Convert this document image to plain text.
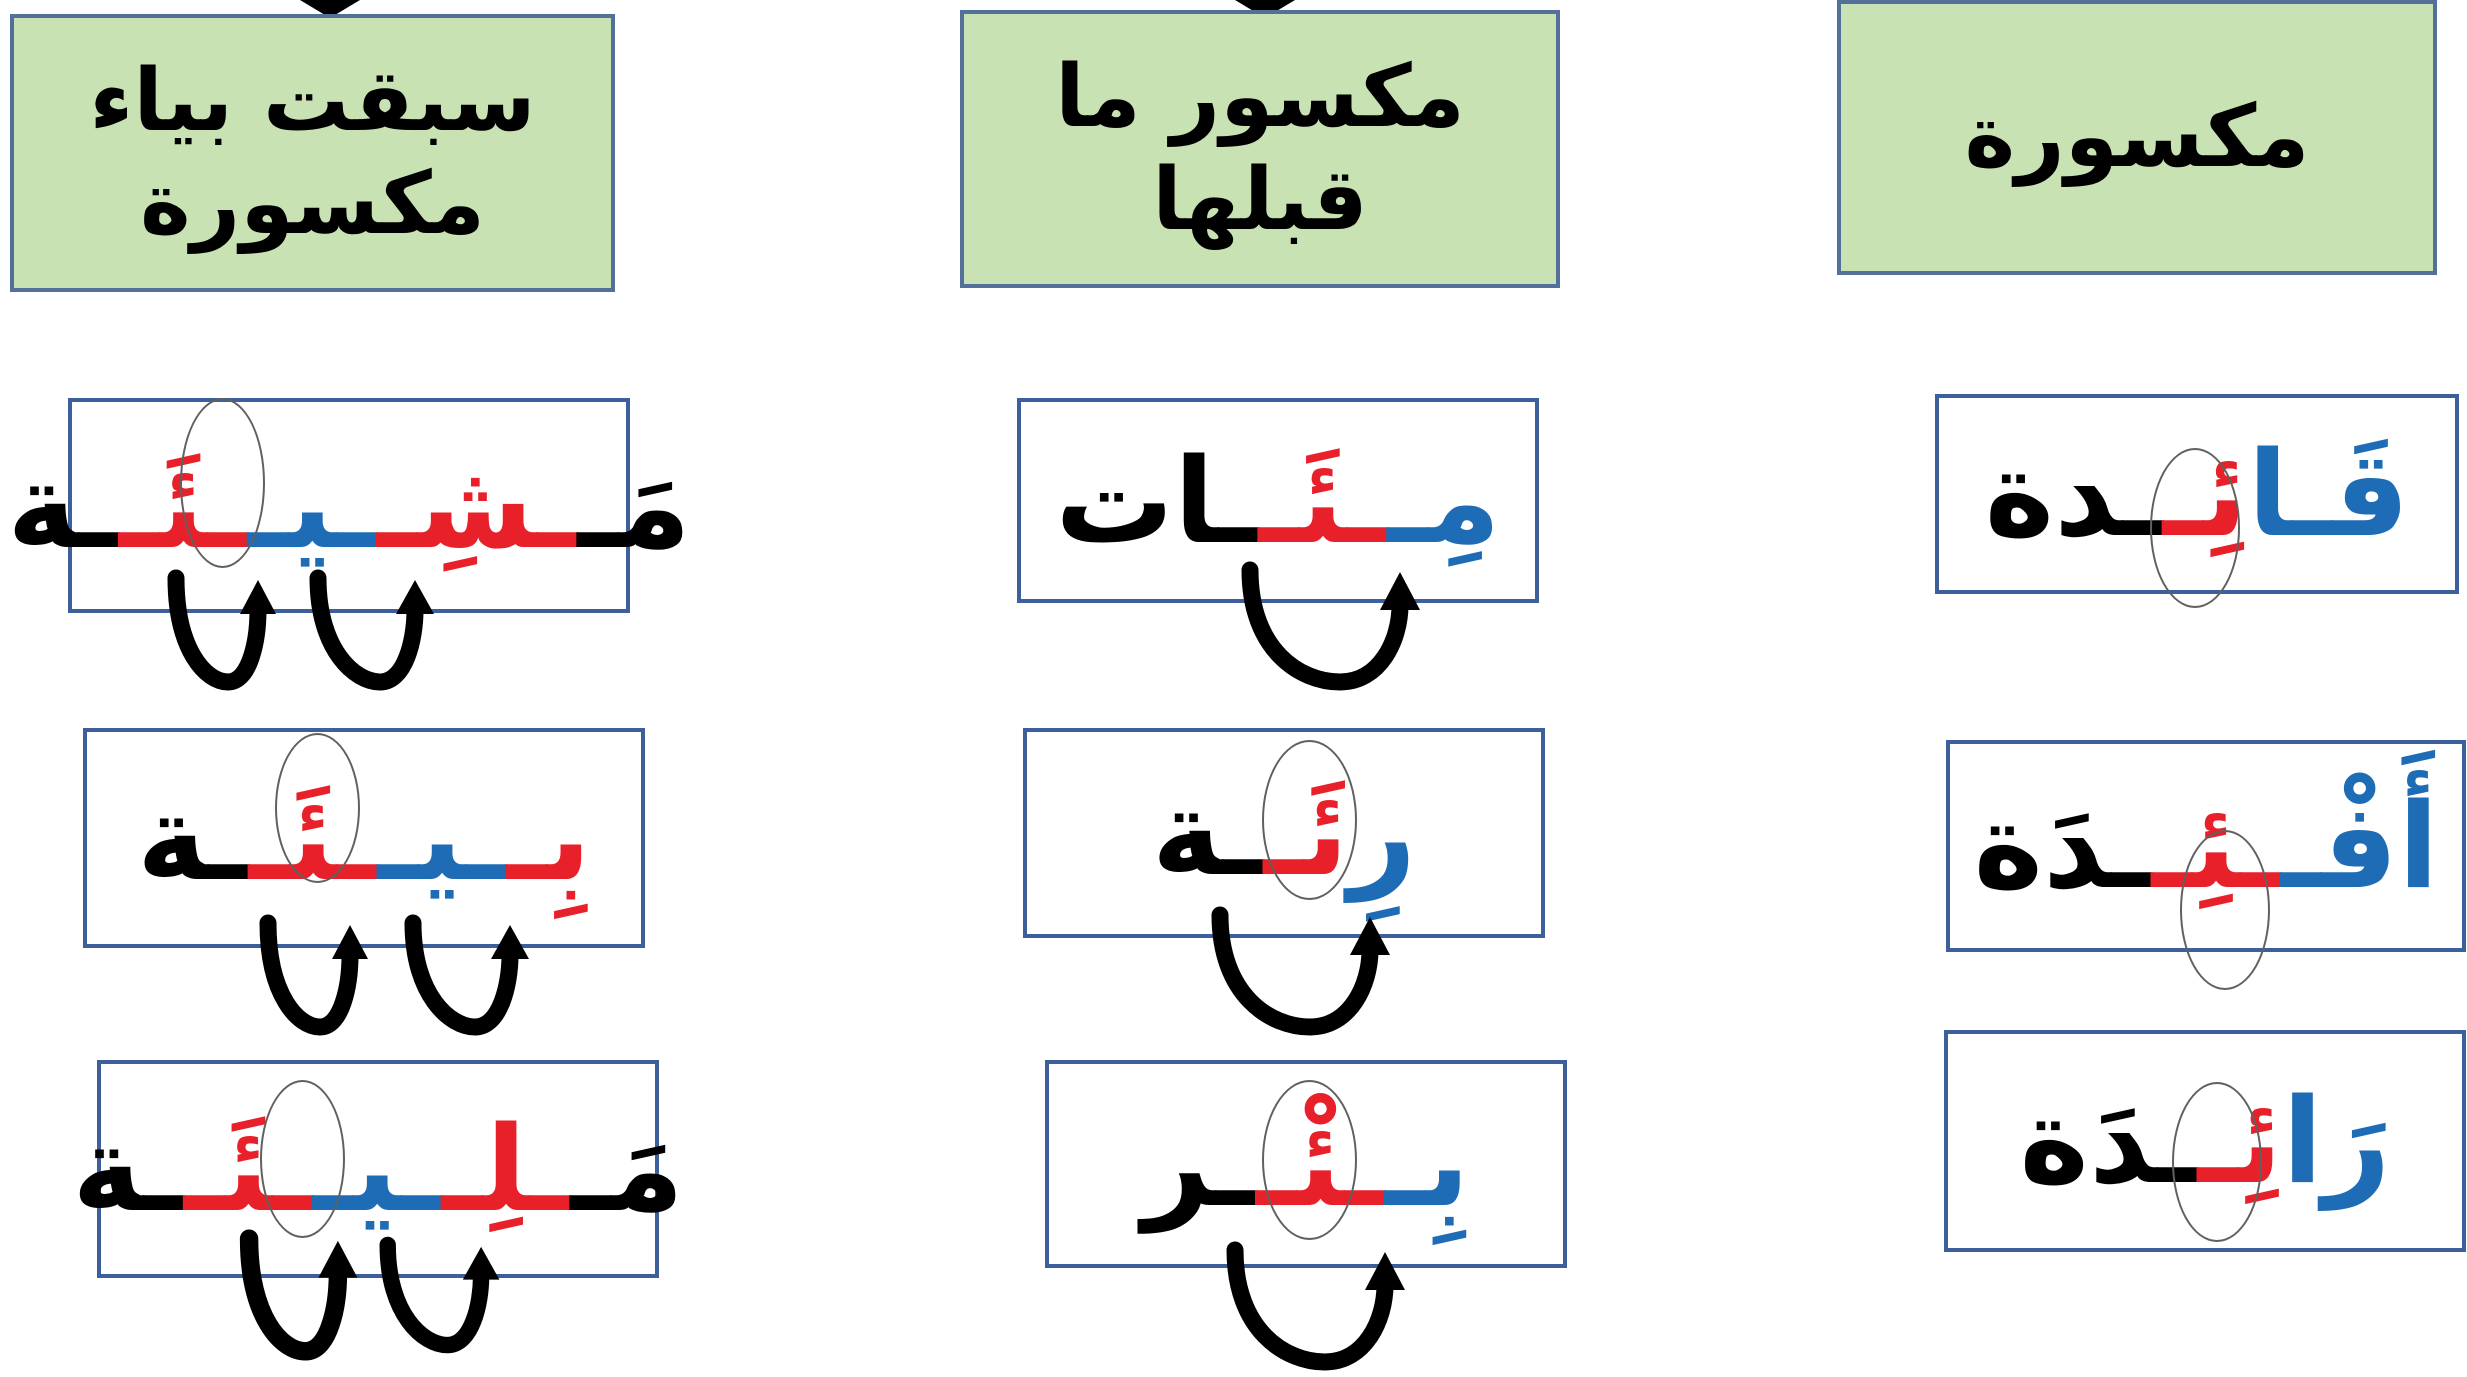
سبقت بياء
مكسورة
مكسور ما قبلها
مكسورة
مَــشِــيــئَــة
بِــيــئَــة
مَــلِــيــئَــة
مِــئَــات
رِئَــة
بِــئْــر
قَـائِــدة
أَفْــئِــدَة
رَائِــدَة
